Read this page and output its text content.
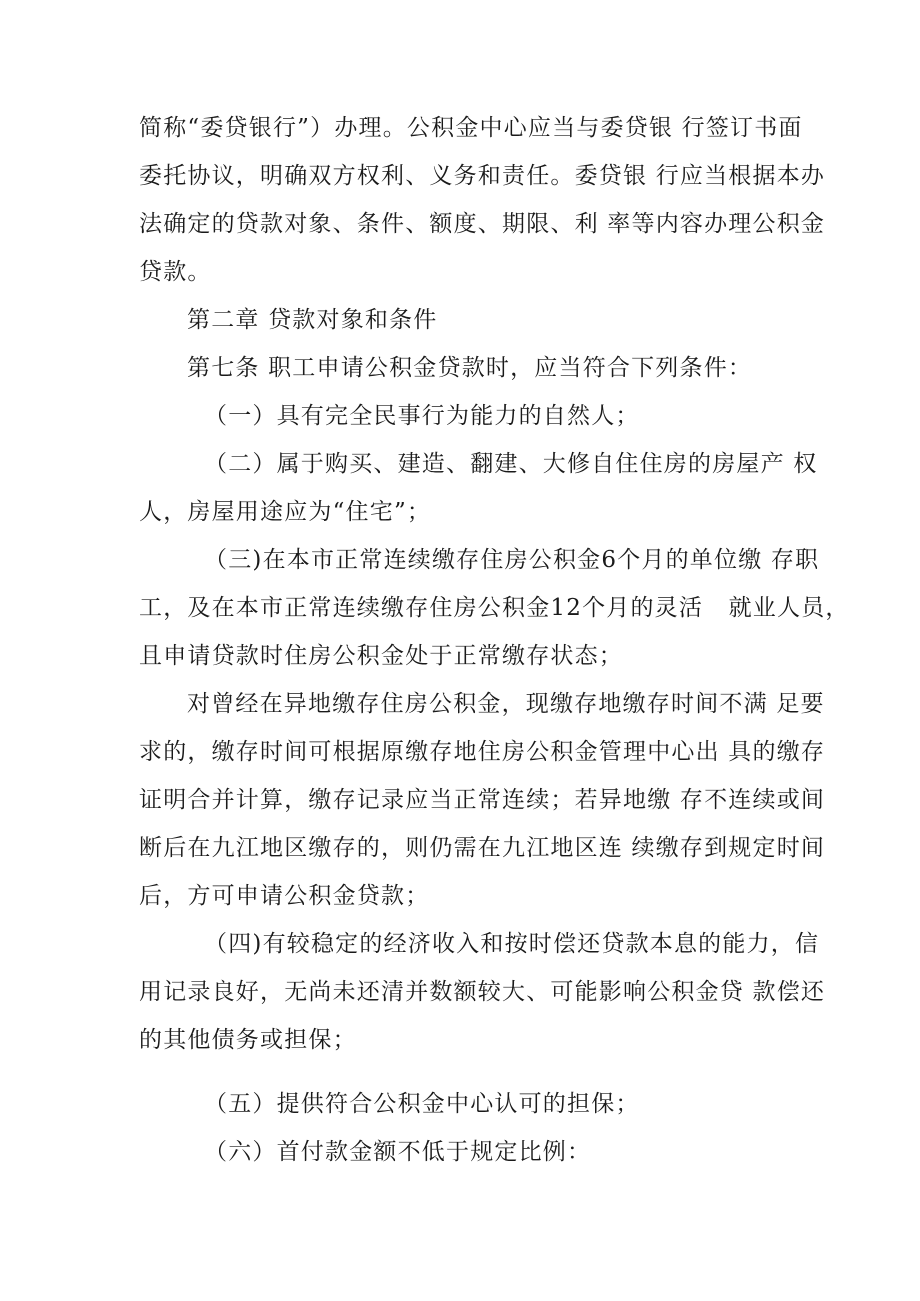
简称“委贷银行”）办理。公积金中心应当与委贷银 行签订书面
委托协议，明确双方权利、义务和责任。委贷银 行应当根据本办
法确定的贷款对象、条件、额度、期限、利 率等内容办理公积金
贷款。
第二章 贷款对象和条件
第七条 职工申请公积金贷款时，应当符合下列条件：
（一）具有完全民事行为能力的自然人；
（二）属于购买、建造、翻建、大修自住住房的房屋产 权
人，房屋用途应为“住宅”；
（三)在本市正常连续缴存住房公积金6个月的单位缴 存职
工，及在本市正常连续缴存住房公积金12个月的灵活   就业人员，
且申请贷款时住房公积金处于正常缴存状态；
对曾经在异地缴存住房公积金，现缴存地缴存时间不满 足要
求的，缴存时间可根据原缴存地住房公积金管理中心出 具的缴存
证明合并计算，缴存记录应当正常连续；若异地缴 存不连续或间
断后在九江地区缴存的，则仍需在九江地区连 续缴存到规定时间
后，方可申请公积金贷款；
（四)有较稳定的经济收入和按时偿还贷款本息的能力，信
用记录良好，无尚未还清并数额较大、可能影响公积金贷 款偿还
的其他债务或担保；
（五）提供符合公积金中心认可的担保；
（六）首付款金额不低于规定比例：
